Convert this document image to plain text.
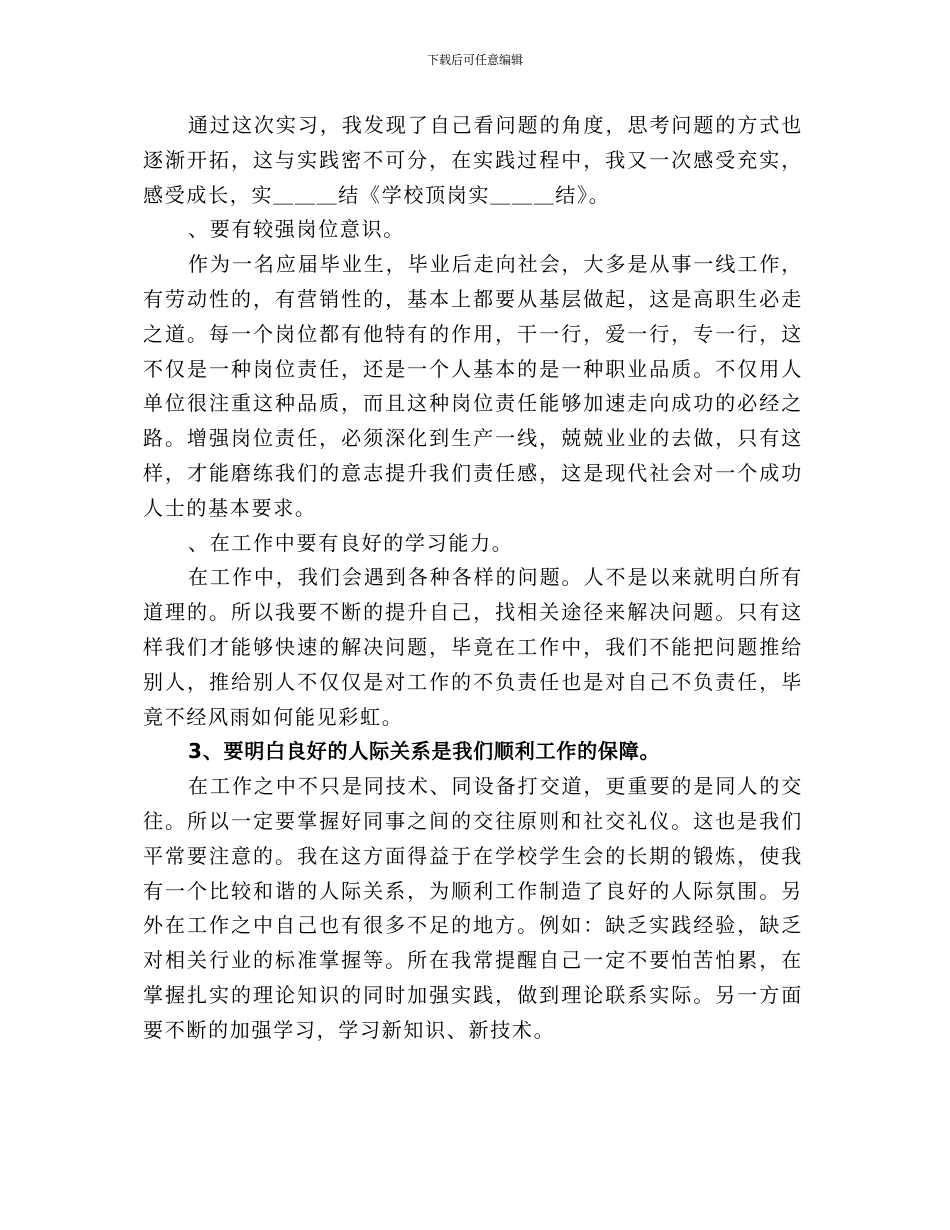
下载后可任意编辑

通过这次实习，我发现了自己看问题的角度，思考问题的方式也逐渐开拓，这与实践密不可分，在实践过程中，我又一次感受充实，感受成长，实＿＿＿结《学校顶岗实＿＿＿结》。

、要有较强岗位意识。

作为一名应届毕业生，毕业后走向社会，大多是从事一线工作，有劳动性的，有营销性的，基本上都要从基层做起，这是高职生必走之道。每一个岗位都有他特有的作用，干一行，爱一行，专一行，这不仅是一种岗位责任，还是一个人基本的是一种职业品质。不仅用人单位很注重这种品质，而且这种岗位责任能够加速走向成功的必经之路。增强岗位责任，必须深化到生产一线，兢兢业业的去做，只有这样，才能磨练我们的意志提升我们责任感，这是现代社会对一个成功人士的基本要求。

、在工作中要有良好的学习能力。

在工作中，我们会遇到各种各样的问题。人不是以来就明白所有道理的。所以我要不断的提升自己，找相关途径来解决问题。只有这样我们才能够快速的解决问题，毕竟在工作中，我们不能把问题推给别人，推给别人不仅仅是对工作的不负责任也是对自己不负责任，毕竟不经风雨如何能见彩虹。

3、要明白良好的人际关系是我们顺利工作的保障。

在工作之中不只是同技术、同设备打交道，更重要的是同人的交往。所以一定要掌握好同事之间的交往原则和社交礼仪。这也是我们平常要注意的。我在这方面得益于在学校学生会的长期的锻炼，使我有一个比较和谐的人际关系，为顺利工作制造了良好的人际氛围。另外在工作之中自己也有很多不足的地方。例如：缺乏实践经验，缺乏对相关行业的标准掌握等。所在我常提醒自己一定不要怕苦怕累，在掌握扎实的理论知识的同时加强实践，做到理论联系实际。另一方面要不断的加强学习，学习新知识、新技术。
